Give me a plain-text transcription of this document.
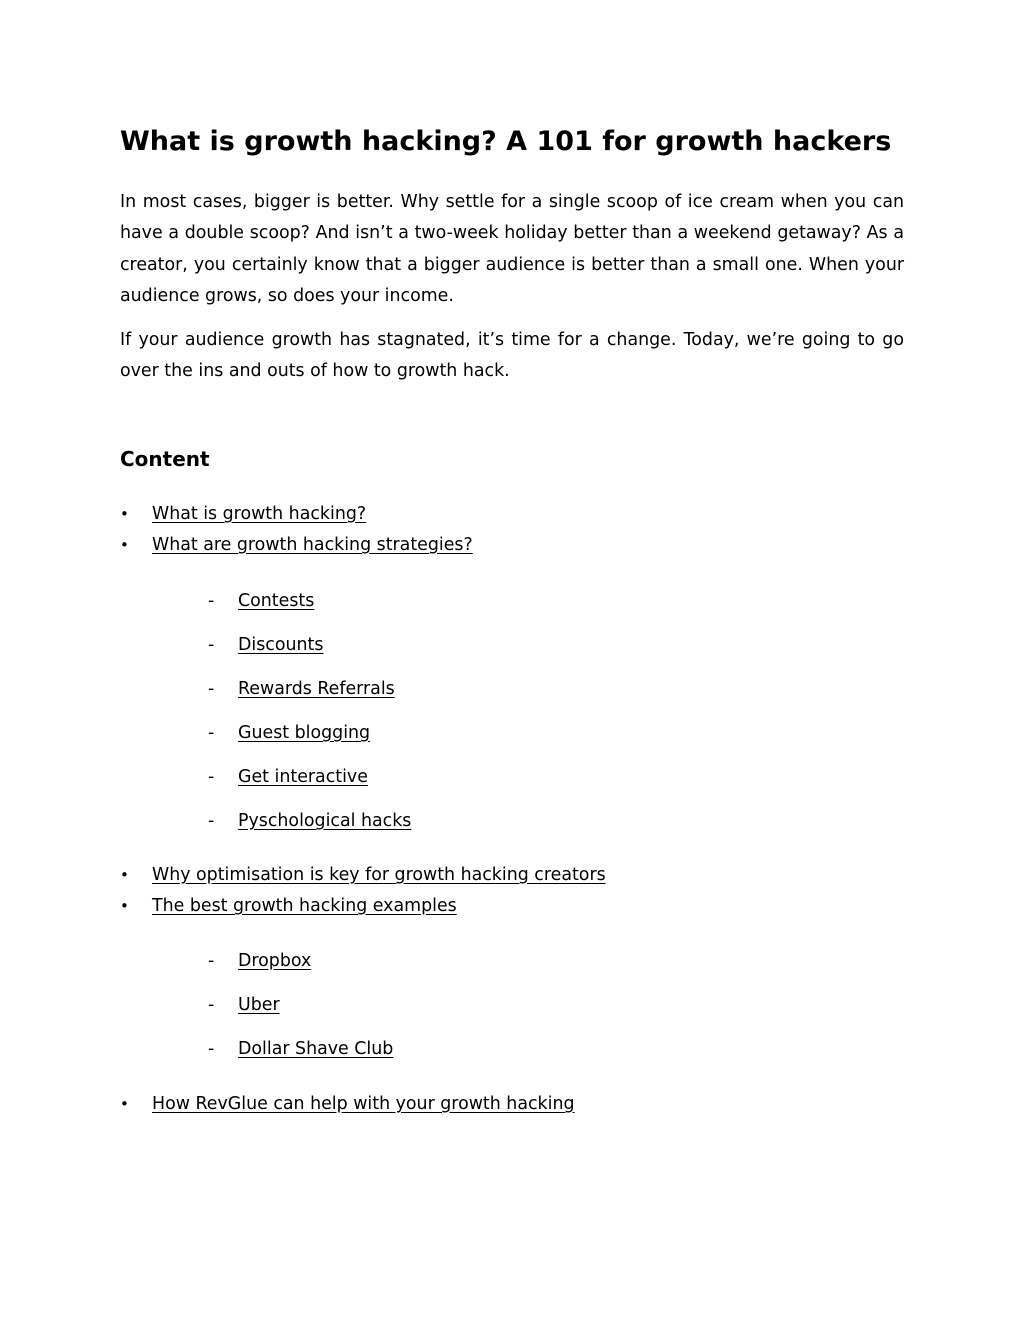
What is growth hacking? A 101 for growth hackers

In most cases, bigger is better. Why settle for a single scoop of ice cream when you can have a double scoop? And isn’t a two-week holiday better than a weekend getaway? As a creator, you certainly know that a bigger audience is better than a small one. When your audience grows, so does your income.

If your audience growth has stagnated, it’s time for a change. Today, we’re going to go over the ins and outs of how to growth hack.

Content
• What is growth hacking?
• What are growth hacking strategies?
- Contests
- Discounts
- Rewards Referrals
- Guest blogging
- Get interactive
- Pyschological hacks
• Why optimisation is key for growth hacking creators
• The best growth hacking examples
- Dropbox
- Uber
- Dollar Shave Club
• How RevGlue can help with your growth hacking
